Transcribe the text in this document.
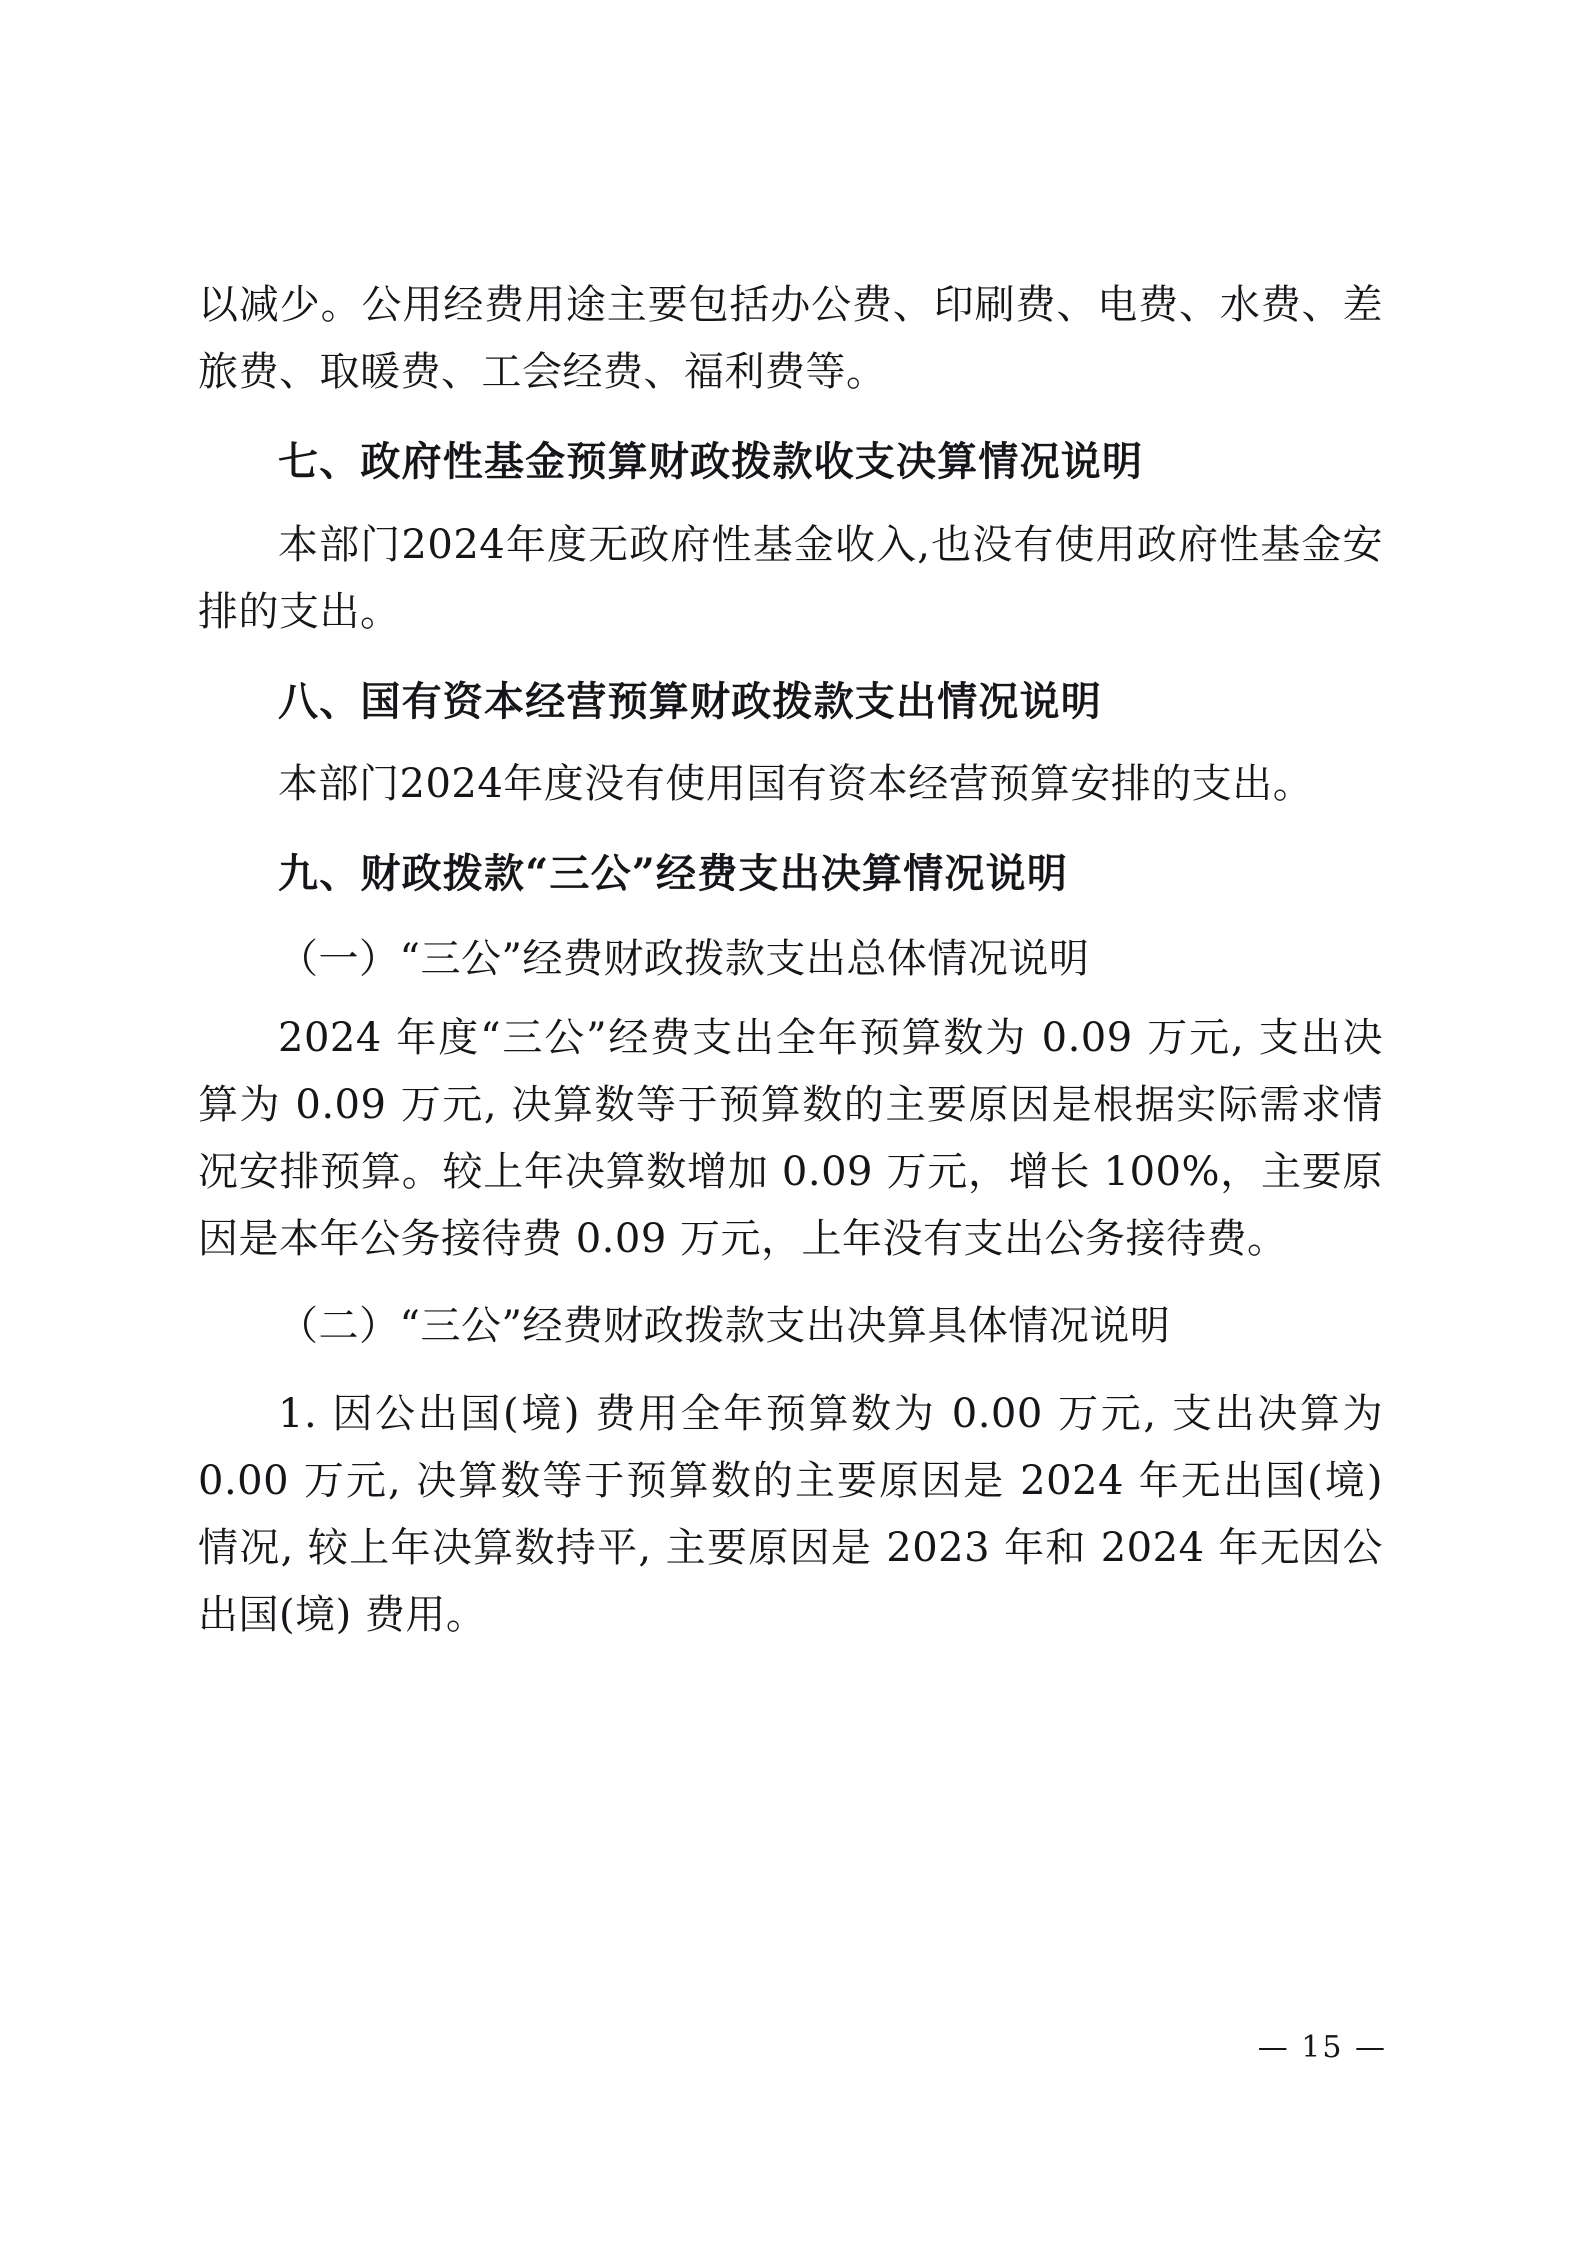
以减少。公用经费用途主要包括办公费、印刷费、电费、水费、差旅费、取暖费、工会经费、福利费等。

七、政府性基金预算财政拨款收支决算情况说明

本部门2024年度无政府性基金收入,也没有使用政府性基金安排的支出。

八、国有资本经营预算财政拨款支出情况说明

本部门2024年度没有使用国有资本经营预算安排的支出。

九、财政拨款“三公”经费支出决算情况说明

（一）“三公”经费财政拨款支出总体情况说明

2024 年度“三公”经费支出全年预算数为 0.09 万元, 支出决算为 0.09 万元, 决算数等于预算数的主要原因是根据实际需求情况安排预算。较上年决算数增加 0.09 万元，增长 100%，主要原因是本年公务接待费 0.09 万元，上年没有支出公务接待费。

（二）“三公”经费财政拨款支出决算具体情况说明

1. 因公出国(境) 费用全年预算数为 0.00 万元, 支出决算为 0.00 万元, 决算数等于预算数的主要原因是 2024 年无出国(境) 情况, 较上年决算数持平, 主要原因是 2023 年和 2024 年无因公出国(境) 费用。

— 15 —
